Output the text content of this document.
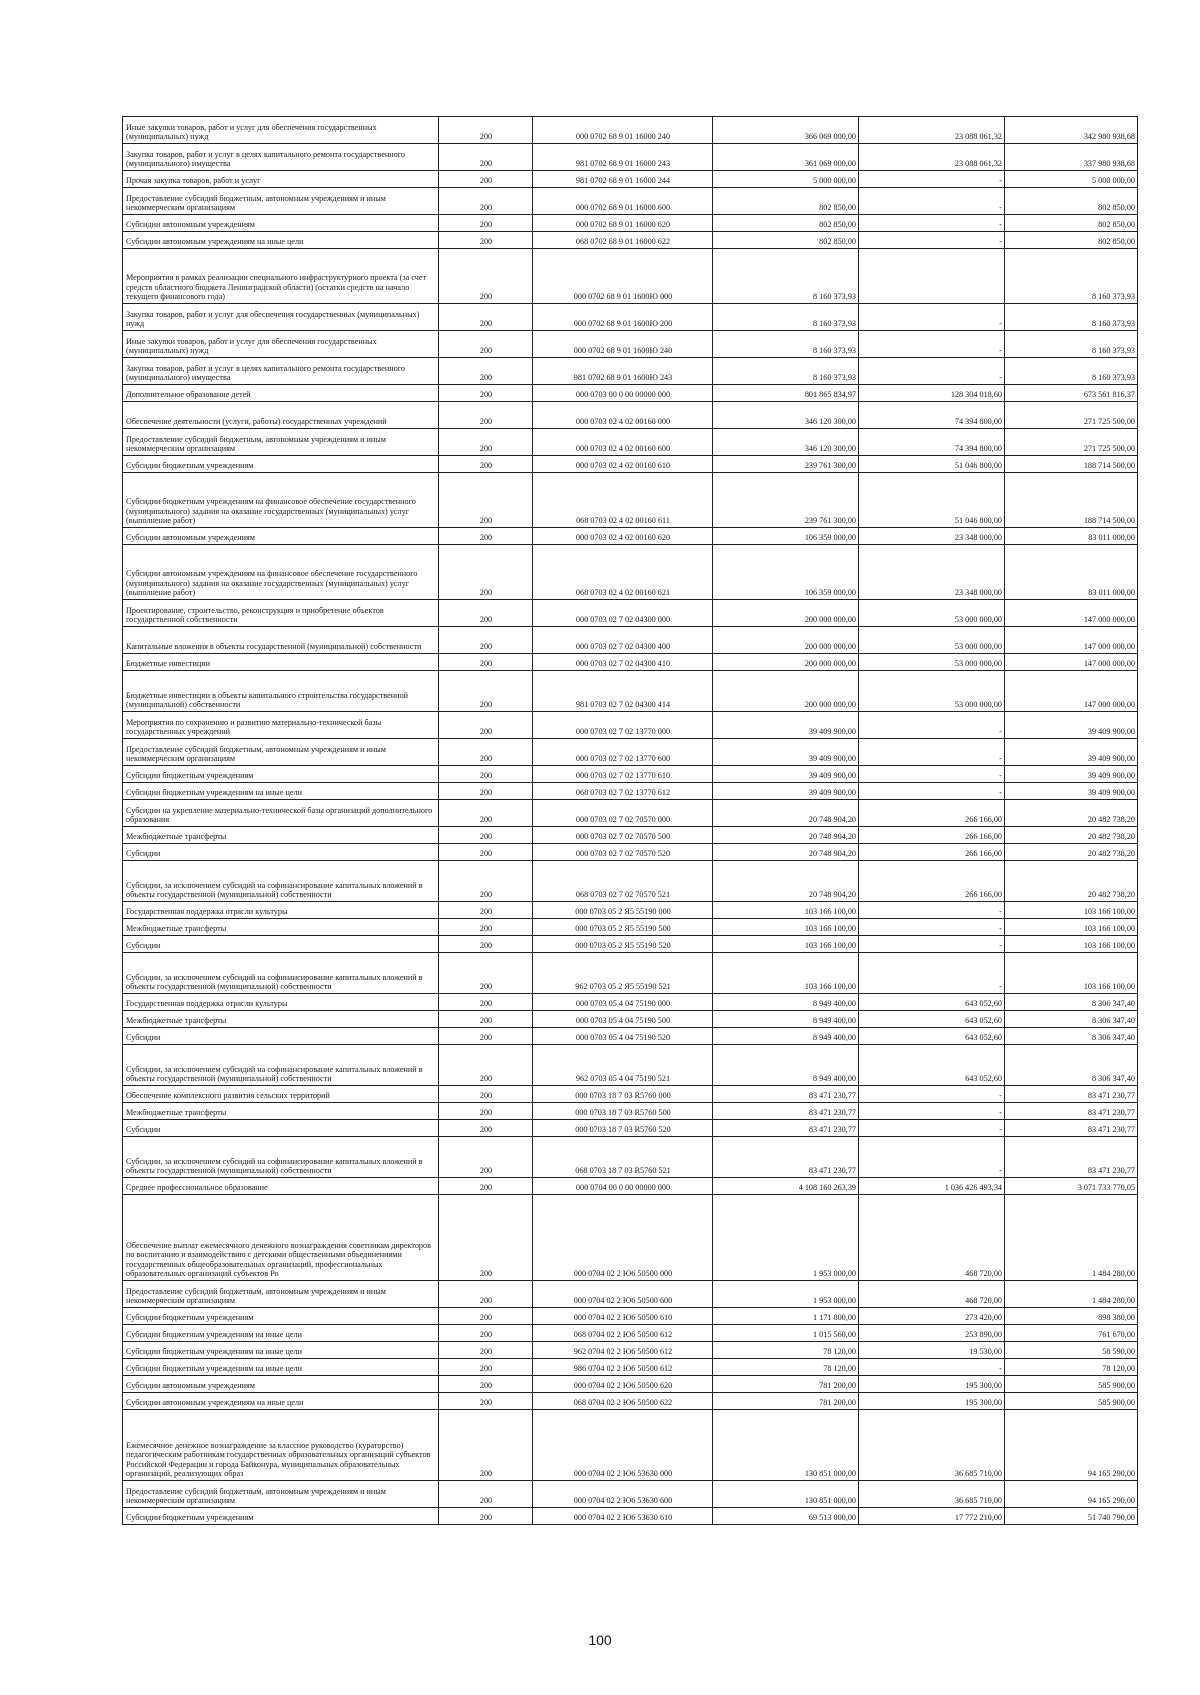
Иные закупки товаров, работ и услуг для обеспечения государственных (муниципальных) нужд	200	000 0702 68 9 01 16000 240	366 069 000,00	23 088 061,32	342 980 938,68
Закупка товаров, работ и услуг в целях капитального ремонта государственного (муниципального) имущества	200	981 0702 68 9 01 16000 243	361 069 000,00	23 088 061,32	337 980 938,68
Прочая закупка товаров, работ и услуг	200	981 0702 68 9 01 16000 244	5 000 000,00	-	5 000 000,00
Предоставление субсидий бюджетным, автономным учреждениям и иным некоммерческим организациям	200	000 0702 68 9 01 16000 600	802 850,00	-	802 850,00
Субсидии автономным учреждениям	200	000 0702 68 9 01 16000 620	802 850,00	-	802 850,00
Субсидии автономным учреждениям на иные цели	200	068 0702 68 9 01 16000 622	802 850,00	-	802 850,00
Мероприятия в рамках реализации специального инфраструктурного проекта (за счет средств областного бюджета Ленинградской области) (остатки средств на начало текущего финансового года)	200	000 0702 68 9 01 1600Ю 000	8 160 373,93		8 160 373,93
Закупка товаров, работ и услуг для обеспечения государственных (муниципальных) нужд	200	000 0702 68 9 01 1600Ю 200	8 160 373,93	-	8 160 373,93
Иные закупки товаров, работ и услуг для обеспечения государственных (муниципальных) нужд	200	000 0702 68 9 01 1600Ю 240	8 160 373,93	-	8 160 373,93
Закупка товаров, работ и услуг в целях капитального ремонта государственного (муниципального) имущества	200	981 0702 68 9 01 1600Ю 243	8 160 373,93	-	8 160 373,93
Дополнительное образование детей	200	000 0703 00 0 00 00000 000	801 865 834,97	128 304 018,60	673 561 816,37
Обеспечение деятельности (услуги, работы) государственных учреждений	200	000 0703 02 4 02 00160 000	346 120 300,00	74 394 800,00	271 725 500,00
Предоставление субсидий бюджетным, автономным учреждениям и иным некоммерческим организациям	200	000 0703 02 4 02 00160 600	346 120 300,00	74 394 800,00	271 725 500,00
Субсидии бюджетным учреждениям	200	000 0703 02 4 02 00160 610	239 761 300,00	51 046 800,00	188 714 500,00
Субсидии бюджетным учреждениям на финансовое обеспечение государственного (муниципального) задания на оказание государственных (муниципальных) услуг (выполнение работ)	200	068 0703 02 4 02 00160 611	239 761 300,00	51 046 800,00	188 714 500,00
Субсидии автономным учреждениям	200	000 0703 02 4 02 00160 620	106 359 000,00	23 348 000,00	83 011 000,00
Субсидии автономным учреждениям на финансовое обеспечение государственного (муниципального) задания на оказание государственных (муниципальных) услуг (выполнение работ)	200	068 0703 02 4 02 00160 621	106 359 000,00	23 348 000,00	83 011 000,00
Проектирование, строительство, реконструкция и приобретение объектов государственной собственности	200	000 0703 02 7 02 04300 000	200 000 000,00	53 000 000,00	147 000 000,00
Капитальные вложения в объекты государственной (муниципальной) собственности	200	000 0703 02 7 02 04300 400	200 000 000,00	53 000 000,00	147 000 000,00
Бюджетные инвестиции	200	000 0703 02 7 02 04300 410	200 000 000,00	53 000 000,00	147 000 000,00
Бюджетные инвестиции в объекты капитального строительства государственной (муниципальной) собственности	200	981 0703 02 7 02 04300 414	200 000 000,00	53 000 000,00	147 000 000,00
Мероприятия по сохранению и развитию материально-технической базы государственных учреждений	200	000 0703 02 7 02 13770 000	39 409 900,00	-	39 409 900,00
Предоставление субсидий бюджетным, автономным учреждениям и иным некоммерческим организациям	200	000 0703 02 7 02 13770 600	39 409 900,00	-	39 409 900,00
Субсидии бюджетным учреждениям	200	000 0703 02 7 02 13770 610	39 409 900,00	-	39 409 900,00
Субсидии бюджетным учреждениям на иные цели	200	068 0703 02 7 02 13770 612	39 409 900,00	-	39 409 900,00
Субсидии на укрепление материально-технической базы организаций дополнительного образования	200	000 0703 02 7 02 70570 000	20 748 904,20	266 166,00	20 482 738,20
Межбюджетные трансферты	200	000 0703 02 7 02 70570 500	20 748 904,20	266 166,00	20 482 738,20
Субсидии	200	000 0703 02 7 02 70570 520	20 748 904,20	266 166,00	20 482 738,20
Субсидии, за исключением субсидий на софинансирование капитальных вложений в объекты государственной (муниципальной) собственности	200	068 0703 02 7 02 70570 521	20 748 904,20	266 166,00	20 482 738,20
Государственная поддержка отрасли культуры	200	000 0703 05 2 Я5 55190 000	103 166 100,00	-	103 166 100,00
Межбюджетные трансферты	200	000 0703 05 2 Я5 55190 500	103 166 100,00	-	103 166 100,00
Субсидии	200	000 0703 05 2 Я5 55190 520	103 166 100,00	-	103 166 100,00
Субсидии, за исключением субсидий на софинансирование капитальных вложений в объекты государственной (муниципальной) собственности	200	962 0703 05 2 Я5 55190 521	103 166 100,00	-	103 166 100,00
Государственная поддержка отрасли культуры	200	000 0703 05 4 04 75190 000	8 949 400,00	643 052,60	8 306 347,40
Межбюджетные трансферты	200	000 0703 05 4 04 75190 500	8 949 400,00	643 052,60	8 306 347,40
Субсидии	200	000 0703 05 4 04 75190 520	8 949 400,00	643 052,60	8 306 347,40
Субсидии, за исключением субсидий на софинансирование капитальных вложений в объекты государственной (муниципальной) собственности	200	962 0703 05 4 04 75190 521	8 949 400,00	643 052,60	8 306 347,40
Обеспечение комплексного развития сельских территорий	200	000 0703 18 7 03 R5760 000	83 471 230,77	-	83 471 230,77
Межбюджетные трансферты	200	000 0703 18 7 03 R5760 500	83 471 230,77	-	83 471 230,77
Субсидии	200	000 0703 18 7 03 R5760 520	83 471 230,77	-	83 471 230,77
Субсидии, за исключением субсидий на софинансирование капитальных вложений в объекты государственной (муниципальной) собственности	200	068 0703 18 7 03 R5760 521	83 471 230,77	-	83 471 230,77
Среднее профессиональное образование	200	000 0704 00 0 00 00000 000	4 108 160 263,39	1 036 426 493,34	3 071 733 770,05
Обеспечение выплат ежемесячного денежного вознаграждения советникам директоров по воспитанию и взаимодействию с детскими общественными объединениями государственных общеобразовательных организаций, профессиональных образовательных организаций субъектов Ро	200	000 0704 02 2 Ю6 50500 000	1 953 000,00	468 720,00	1 484 280,00
Предоставление субсидий бюджетным, автономным учреждениям и иным некоммерческим организациям	200	000 0704 02 2 Ю6 50500 600	1 953 000,00	468 720,00	1 484 280,00
Субсидии бюджетным учреждениям	200	000 0704 02 2 Ю6 50500 610	1 171 800,00	273 420,00	898 380,00
Субсидии бюджетным учреждениям на иные цели	200	068 0704 02 2 Ю6 50500 612	1 015 560,00	253 890,00	761 670,00
Субсидии бюджетным учреждениям на иные цели	200	962 0704 02 2 Ю6 50500 612	78 120,00	19 530,00	58 590,00
Субсидии бюджетным учреждениям на иные цели	200	986 0704 02 2 Ю6 50500 612	78 120,00	-	78 120,00
Субсидии автономным учреждениям	200	000 0704 02 2 Ю6 50500 620	781 200,00	195 300,00	585 900,00
Субсидии автономным учреждениям на иные цели	200	068 0704 02 2 Ю6 50500 622	781 200,00	195 300,00	585 900,00
Ежемесячное денежное вознаграждение за классное руководство (кураторство) педагогическим работникам государственных образовательных организаций субъектов Российской Федерации и города Байконура, муниципальных образовательных организаций, реализующих образ	200	000 0704 02 2 Ю6 53630 000	130 851 000,00	36 685 710,00	94 165 290,00
Предоставление субсидий бюджетным, автономным учреждениям и иным некоммерческим организациям	200	000 0704 02 2 Ю6 53630 600	130 851 000,00	36 685 710,00	94 165 290,00
Субсидии бюджетным учреждениям	200	000 0704 02 2 Ю6 53630 610	69 513 000,00	17 772 210,00	51 740 790,00
100
